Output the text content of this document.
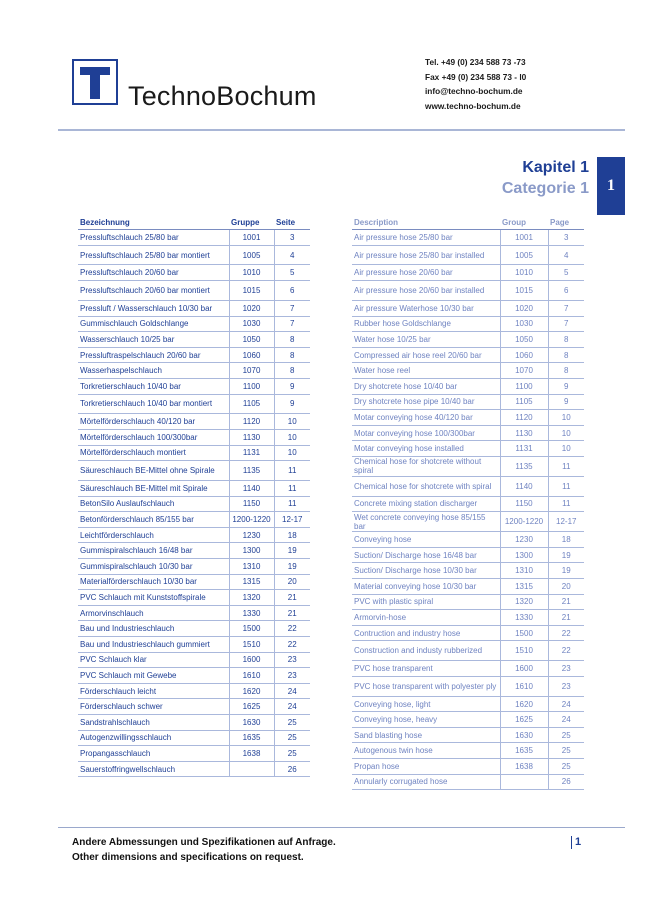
TechnoBochum
Tel. +49 (0) 234 588 73 -73
Fax +49 (0) 234 588 73 - l0
info@techno-bochum.de
www.techno-bochum.de
Kapitel 1
Categorie 1	1
Bezeichnung	Gruppe	Seite
Pressluftschlauch 25/80 bar	1001	3
Pressluftschlauch 25/80 bar montiert	1005	4
Pressluftschlauch 20/60 bar	1010	5
Pressluftschlauch 20/60 bar montiert	1015	6
Pressluft / Wasserschlauch 10/30 bar	1020	7
Gummischlauch Goldschlange	1030	7
Wasserschlauch 10/25 bar	1050	8
Pressluftraspelschlauch 20/60 bar	1060	8
Wasserhaspelschlauch	1070	8
Torkretierschlauch 10/40 bar	1100	9
Torkretierschlauch 10/40 bar montiert	1105	9
Mörtelförderschlauch 40/120 bar	1120	10
Mörtelförderschlauch 100/300bar	1130	10
Mörtelförderschlauch montiert	1131	10
Säureschlauch BE-Mittel ohne Spirale	1135	11
Säureschlauch BE-Mittel mit Spirale	1140	11
BetonSilo Auslaufschlauch	1150	11
Betonförderschlauch 85/155 bar	1200-1220	12-17
Leichtförderschlauch	1230	18
Gummispiralschlauch 16/48 bar	1300	19
Gummispiralschlauch 10/30 bar	1310	19
Materialförderschlauch 10/30 bar	1315	20
PVC Schlauch mit Kunststoffspirale	1320	21
Armorvinschlauch	1330	21
Bau und Industrieschlauch	1500	22
Bau und Industrieschlauch gummiert	1510	22
PVC Schlauch klar	1600	23
PVC Schlauch mit Gewebe	1610	23
Förderschlauch leicht	1620	24
Förderschlauch schwer	1625	24
Sandstrahlschlauch	1630	25
Autogenzwillingsschlauch	1635	25
Propangasschlauch	1638	25
Sauerstoffringwellschlauch		26
Description	Group	Page
Air pressure hose 25/80 bar	1001	3
Air pressure hose 25/80 bar installed	1005	4
Air pressure hose 20/60 bar	1010	5
Air pressure hose 20/60 bar installed	1015	6
Air pressure Waterhose 10/30 bar	1020	7
Rubber hose Goldschlange	1030	7
Water hose 10/25 bar	1050	8
Compressed air hose reel 20/60 bar	1060	8
Water hose reel	1070	8
Dry shotcrete hose 10/40 bar	1100	9
Dry shotcrete hose pipe 10/40 bar	1105	9
Motar conveying hose 40/120 bar	1120	10
Motar conveying hose 100/300bar	1130	10
Motar conveying hose installed	1131	10
Chemical hose for shotcrete without spiral	1135	11
Chemical hose for shotcrete with spiral	1140	11
Concrete mixing station discharger	1150	11
Wet concrete conveying hose 85/155 bar	1200-1220	12-17
Conveying hose	1230	18
Suction/ Discharge hose 16/48 bar	1300	19
Suction/ Discharge hose 10/30 bar	1310	19
Material conveying hose 10/30 bar	1315	20
PVC with plastic spiral	1320	21
Armorvin-hose	1330	21
Contruction and industry hose	1500	22
Construction and industy rubberized	1510	22
PVC hose transparent	1600	23
PVC hose transparent with polyester ply	1610	23
Conveying hose, light	1620	24
Conveying hose, heavy	1625	24
Sand blasting hose	1630	25
Autogenous twin hose	1635	25
Propan hose	1638	25
Annularly corrugated hose		26
Andere Abmessungen und Spezifikationen auf Anfrage.
Other dimensions and specifications on request.
1
